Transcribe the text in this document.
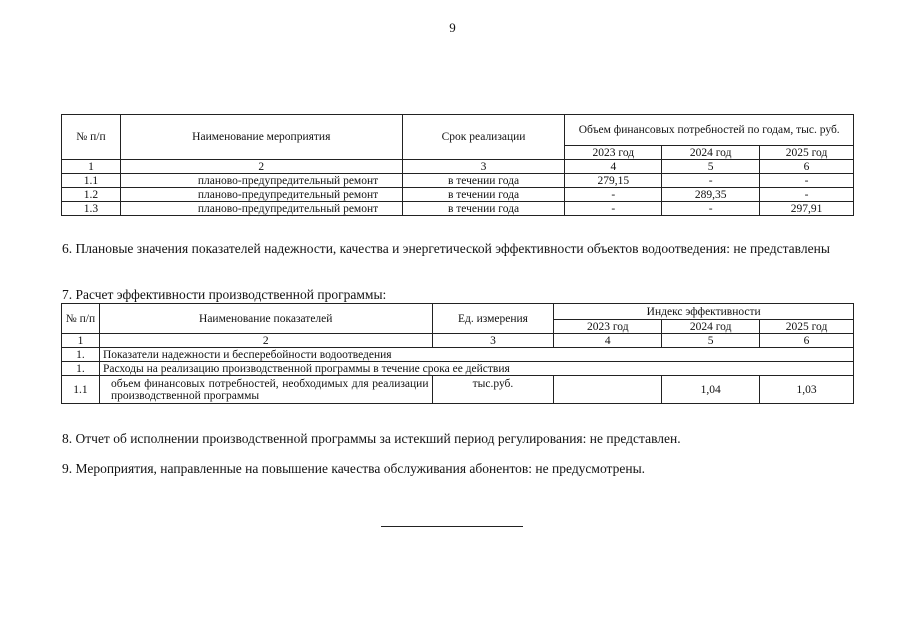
9
№ п/п	Наименование мероприятия	Срок реализации	Объем финансовых потребностей по годам, тыс. руб.		
			2023 год	2024 год	2025 год
1	2	3	4	5	6
1.1	планово-предупредительный ремонт	в течении года	279,15	-	-
1.2	планово-предупредительный ремонт	в течении года	-	289,35	-
1.3	планово-предупредительный ремонт	в течении года	-	-	297,91
6. Плановые значения показателей надежности, качества и энергетической эффективности объектов водоотведения: не представлены
7. Расчет эффективности производственной программы:
№ п/п	Наименование показателей	Ед. измерения	Индекс эффективности		
			2023 год	2024 год	2025 год
1	2	3	4	5	6
1.	Показатели надежности и бесперебойности водоотведения				
1.	Расходы на реализацию производственной программы в течение срока ее действия				
1.1	объем финансовых потребностей, необходимых для реализации производственной программы	тыс.руб.		1,04	1,03
8. Отчет об исполнении производственной программы за истекший период регулирования: не представлен.
9. Мероприятия, направленные на повышение качества обслуживания абонентов: не предусмотрены.
